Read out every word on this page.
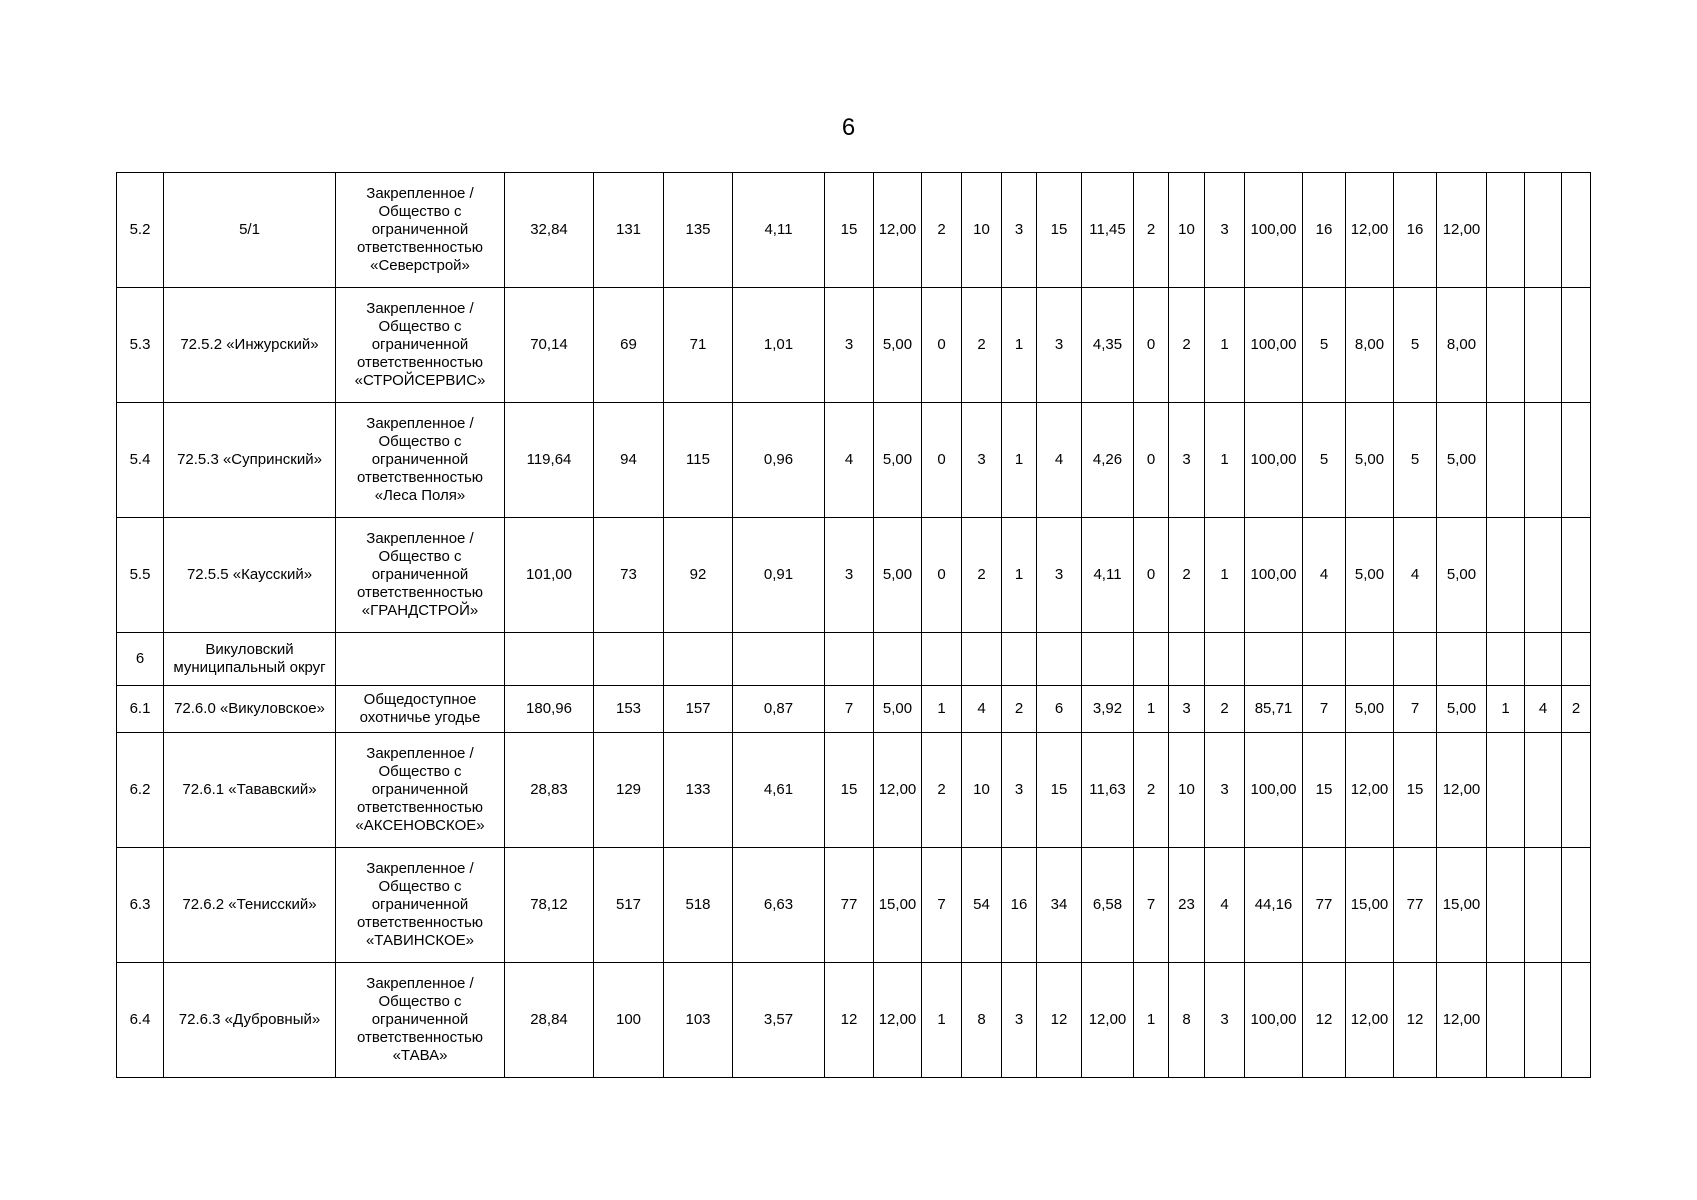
6
5.2	5/1	Закрепленное / Общество с ограниченной ответственностью «Северстрой»	32,84	131	135	4,11	15	12,00	2	10	3	15	11,45	2	10	3	100,00	16	12,00	16	12,00			
5.3	72.5.2 «Инжурский»	Закрепленное / Общество с ограниченной ответственностью «СТРОЙСЕРВИС»	70,14	69	71	1,01	3	5,00	0	2	1	3	4,35	0	2	1	100,00	5	8,00	5	8,00			
5.4	72.5.3 «Супринский»	Закрепленное / Общество с ограниченной ответственностью «Леса Поля»	119,64	94	115	0,96	4	5,00	0	3	1	4	4,26	0	3	1	100,00	5	5,00	5	5,00			
5.5	72.5.5 «Каусский»	Закрепленное / Общество с ограниченной ответственностью «ГРАНДСТРОЙ»	101,00	73	92	0,91	3	5,00	0	2	1	3	4,11	0	2	1	100,00	4	5,00	4	5,00			
6	Викуловский муниципальный округ																							
6.1	72.6.0 «Викуловское»	Общедоступное охотничье угодье	180,96	153	157	0,87	7	5,00	1	4	2	6	3,92	1	3	2	85,71	7	5,00	7	5,00	1	4	2
6.2	72.6.1 «Тававский»	Закрепленное / Общество с ограниченной ответственностью «АКСЕНОВСКОЕ»	28,83	129	133	4,61	15	12,00	2	10	3	15	11,63	2	10	3	100,00	15	12,00	15	12,00			
6.3	72.6.2 «Тенисский»	Закрепленное / Общество с ограниченной ответственностью «ТАВИНСКОЕ»	78,12	517	518	6,63	77	15,00	7	54	16	34	6,58	7	23	4	44,16	77	15,00	77	15,00			
6.4	72.6.3 «Дубровный»	Закрепленное / Общество с ограниченной ответственностью «ТАВА»	28,84	100	103	3,57	12	12,00	1	8	3	12	12,00	1	8	3	100,00	12	12,00	12	12,00			
